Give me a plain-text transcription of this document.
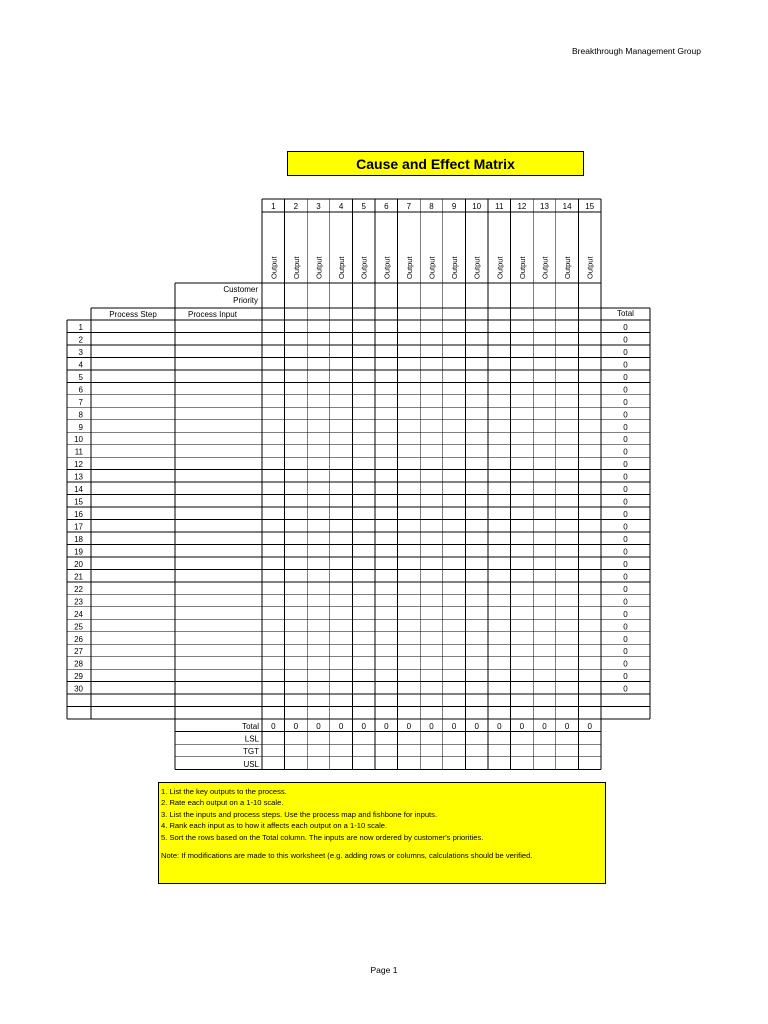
Breakthrough Management Group
Cause and Effect Matrix
1
Output
2
Output
3
Output
4
Output
5
Output
6
Output
7
Output
8
Output
9
Output
10
Output
11
Output
12
Output
13
Output
14
Output
15
Output
Customer
Priority
Process Step	Process Input	Total
1
2
3
4
5
6
7
8
9
10
11
12
13
14
15
16
17
18
19
20
21
22
23
24
25
26
27
28
29
30
0
0
0
0
0
0
0
0
0
0
0
0
0
0
0
0
0
0
0
0
0
0
0
0
0
0
0
0
0
0
Total
LSL
TGT
USL
0 0 0 0 0 0 0 0 0 0 0 0 0 0 0
1. List the key outputs to the process.
2. Rate each output on a 1-10 scale.
3. List the inputs and process steps. Use the process map and fishbone for inputs.
4. Rank each input as to how it affects each output on a 1-10 scale.
5. Sort the rows based on the Total column. The inputs are now ordered by customer's priorities.
Note: If modifications are made to this worksheet (e.g. adding rows or columns, calculations should be verified.
Page 1
